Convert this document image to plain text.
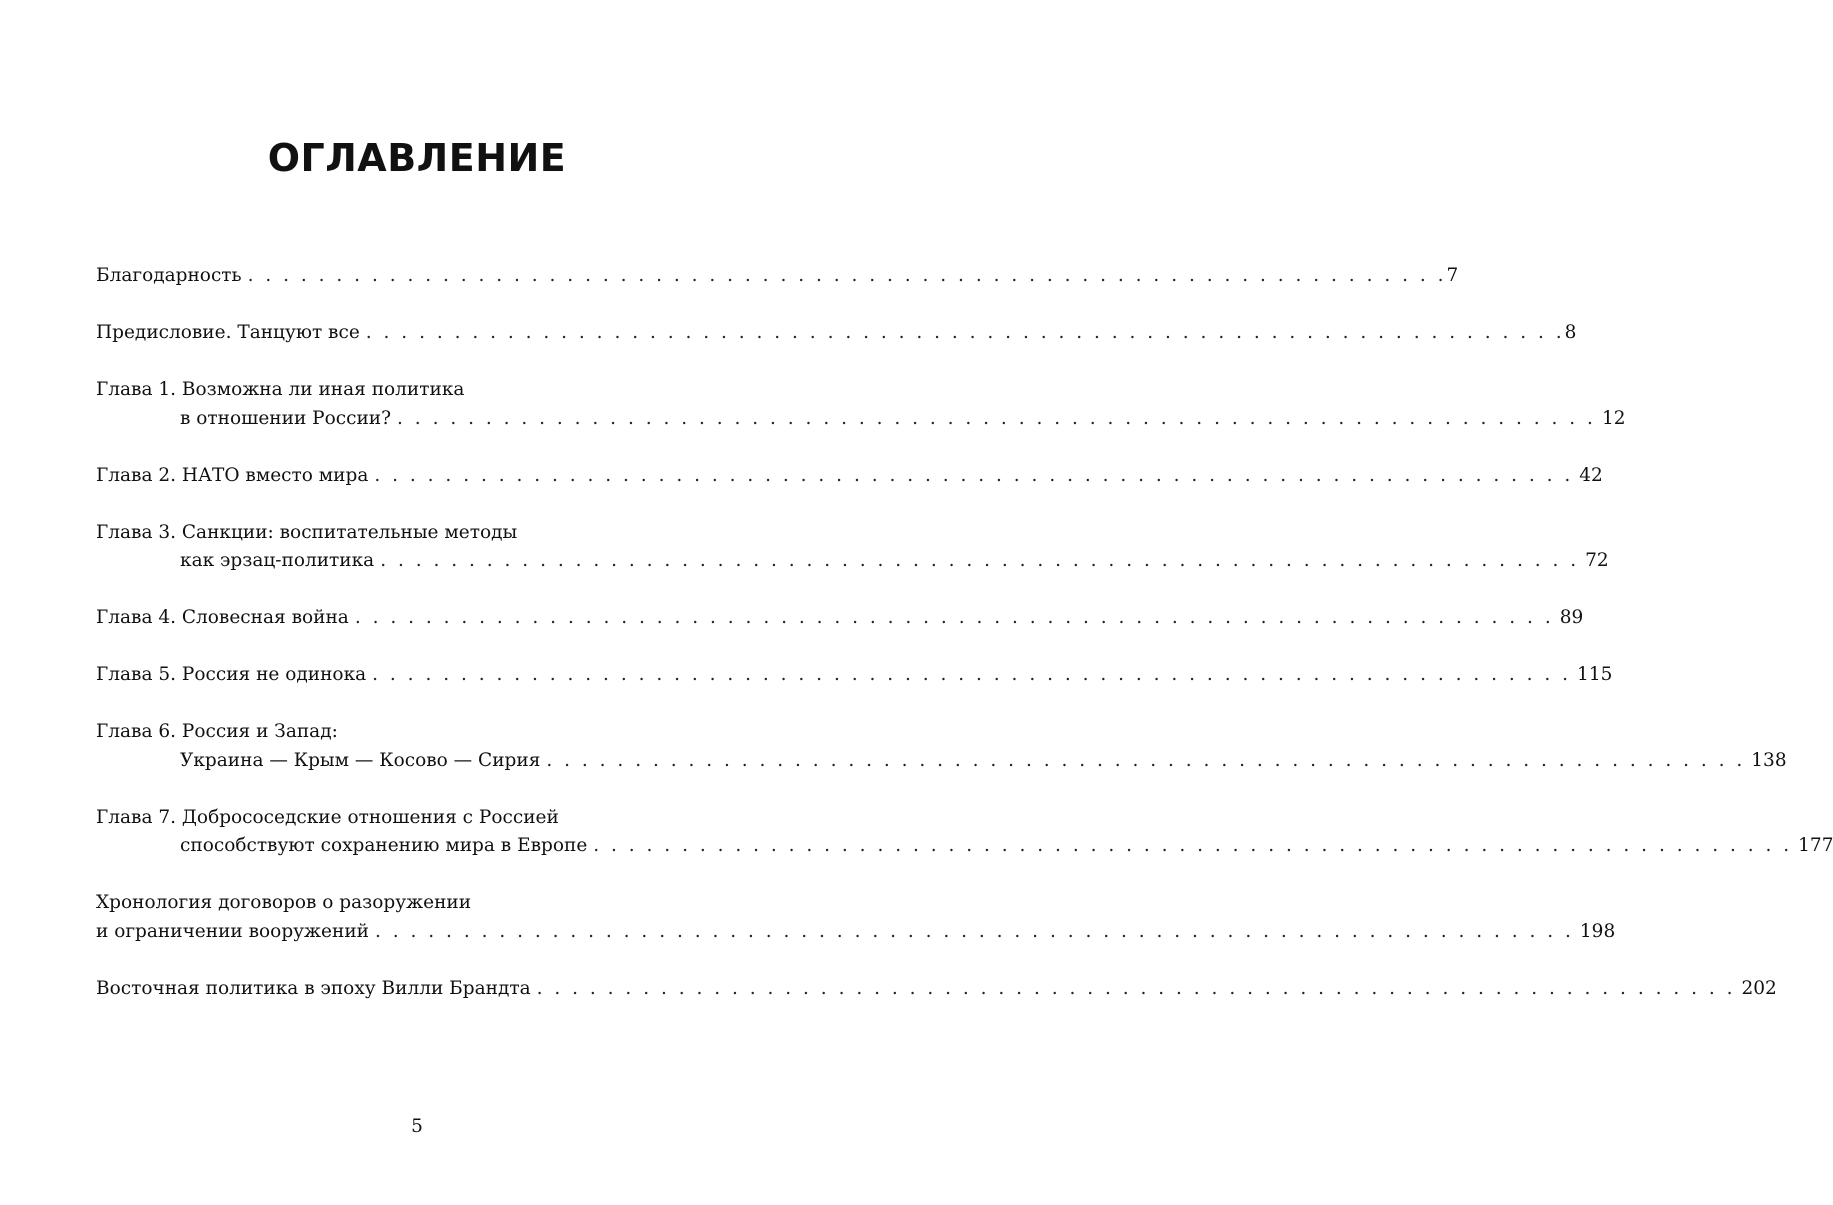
ОГЛАВЛЕНИЕ
Благодарность . . . . . . . . . . . . . . . . . . . . . . . . . . . . . . . . . . . . . . . . . . . . . . . . . . . . . . . . . . . . . . . . . . . . 7
Предисловие. Танцуют все . . . . . . . . . . . . . . . . . . . . . . . . . . . . . . . . . . . . . . . . . . . . . . . . . . . . . . . . . . . . . . . . . . . . 8
Глава 1. Возможна ли иная политика
в отношении России? . . . . . . . . . . . . . . . . . . . . . . . . . . . . . . . . . . . . . . . . . . . . . . . . . . . . . . . . . . . . . . . . . . . . 12
Глава 2. НАТО вместо мира . . . . . . . . . . . . . . . . . . . . . . . . . . . . . . . . . . . . . . . . . . . . . . . . . . . . . . . . . . . . . . . . . . . . 42
Глава 3. Санкции: воспитательные методы
как эрзац-политика . . . . . . . . . . . . . . . . . . . . . . . . . . . . . . . . . . . . . . . . . . . . . . . . . . . . . . . . . . . . . . . . . . . . 72
Глава 4. Словесная война . . . . . . . . . . . . . . . . . . . . . . . . . . . . . . . . . . . . . . . . . . . . . . . . . . . . . . . . . . . . . . . . . . . . 89
Глава 5. Россия не одинока . . . . . . . . . . . . . . . . . . . . . . . . . . . . . . . . . . . . . . . . . . . . . . . . . . . . . . . . . . . . . . . . . . . . 115
Глава 6. Россия и Запад:
Украина — Крым — Косово — Сирия . . . . . . . . . . . . . . . . . . . . . . . . . . . . . . . . . . . . . . . . . . . . . . . . . . . . . . . . . . . . . . . . . . . . 138
Глава 7. Добрососедские отношения с Россией
способствуют сохранению мира в Европе . . . . . . . . . . . . . . . . . . . . . . . . . . . . . . . . . . . . . . . . . . . . . . . . . . . . . . . . . . . . . . . . . . . . 177
Хронология договоров о разоружении
и ограничении вооружений . . . . . . . . . . . . . . . . . . . . . . . . . . . . . . . . . . . . . . . . . . . . . . . . . . . . . . . . . . . . . . . . . . . . 198
Восточная политика в эпоху Вилли Брандта . . . . . . . . . . . . . . . . . . . . . . . . . . . . . . . . . . . . . . . . . . . . . . . . . . . . . . . . . . . . . . . . . . . . 202
5
